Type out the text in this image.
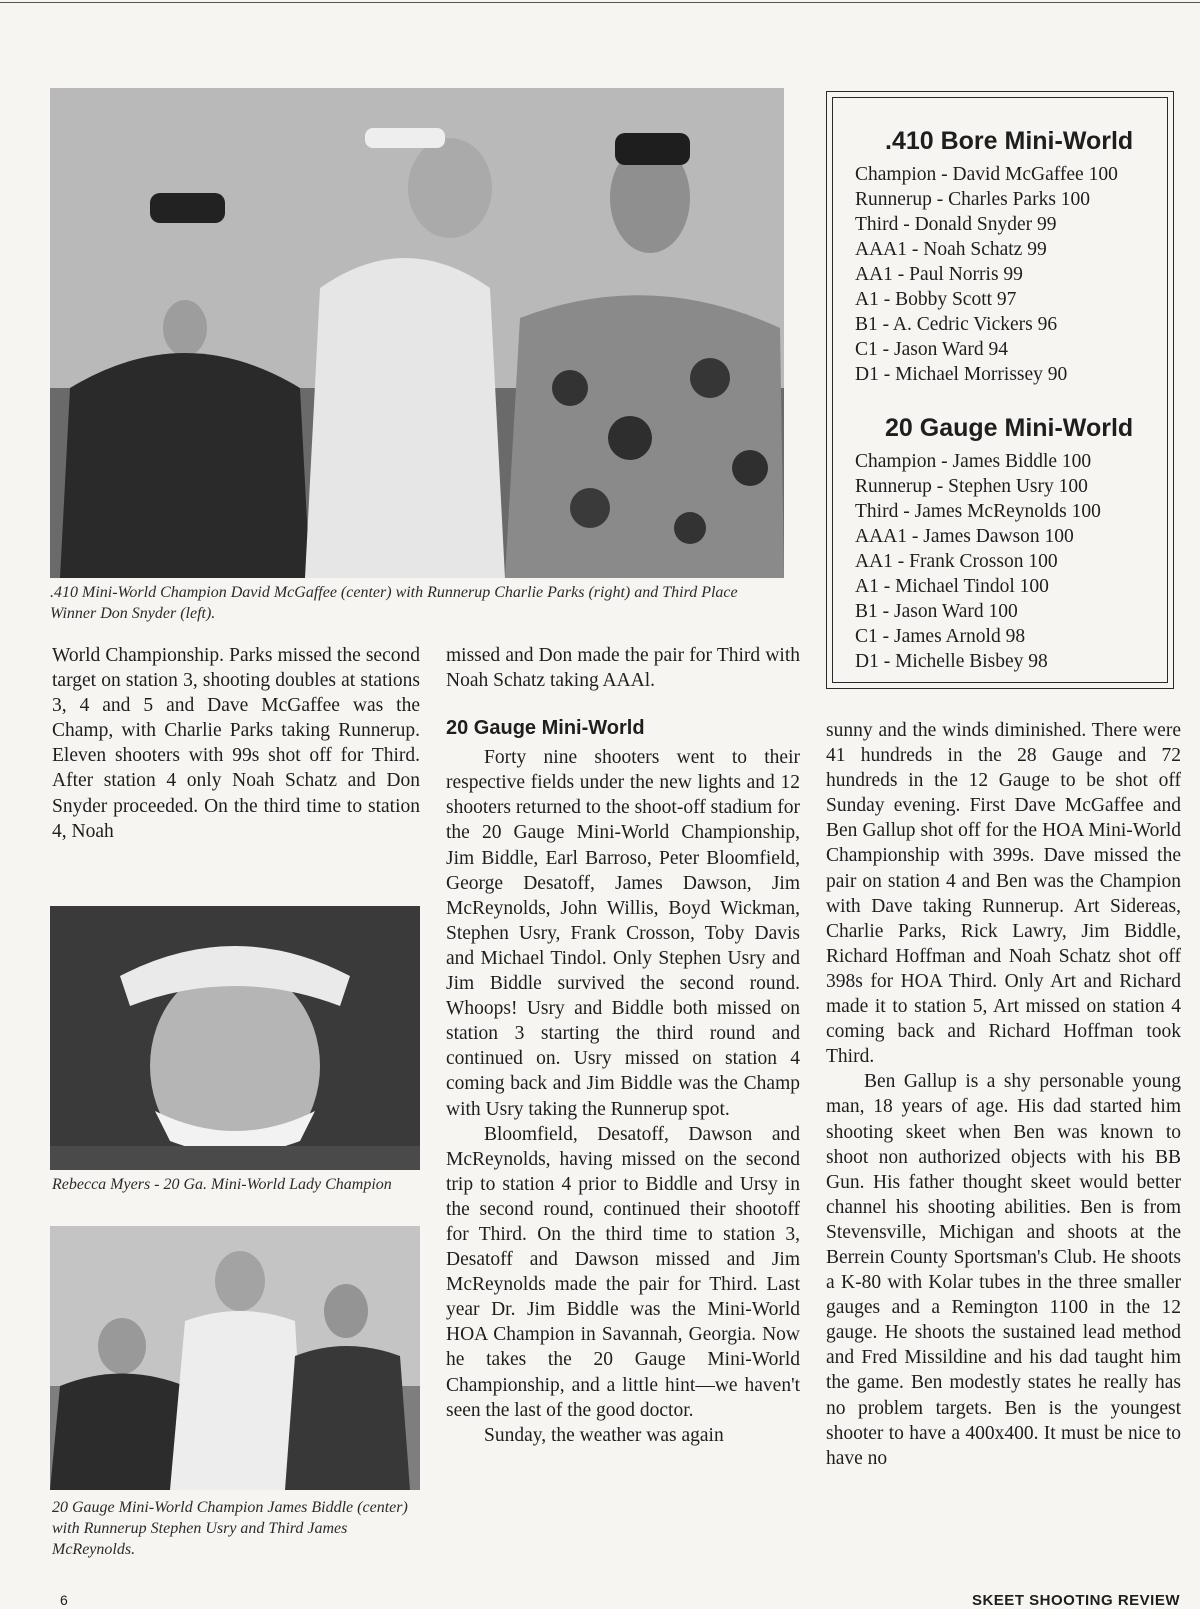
.410 Mini-World Champion David McGaffee (center) with Runnerup Charlie Parks (right) and Third Place Winner Don Snyder (left).

Rebecca Myers - 20 Ga. Mini-World Lady Champion

20 Gauge Mini-World Champion James Biddle (center) with Runnerup Stephen Usry and Third James McReynolds.

World Championship. Parks missed the second target on station 3, shooting doubles at stations 3, 4 and 5 and Dave McGaffee was the Champ, with Charlie Parks taking Runnerup. Eleven shooters with 99s shot off for Third. After station 4 only Noah Schatz and Don Snyder proceeded. On the third time to station 4, Noah

missed and Don made the pair for Third with Noah Schatz taking AAAl.

20 Gauge Mini-World

Forty nine shooters went to their respective fields under the new lights and 12 shooters returned to the shoot-off stadium for the 20 Gauge Mini-World Championship, Jim Biddle, Earl Barroso, Peter Bloomfield, George Desatoff, James Dawson, Jim McReynolds, John Willis, Boyd Wickman, Stephen Usry, Frank Crosson, Toby Davis and Michael Tindol. Only Stephen Usry and Jim Biddle survived the second round. Whoops! Usry and Biddle both missed on station 3 starting the third round and continued on. Usry missed on station 4 coming back and Jim Biddle was the Champ with Usry taking the Runnerup spot.

Bloomfield, Desatoff, Dawson and McReynolds, having missed on the second trip to station 4 prior to Biddle and Ursy in the second round, continued their shootoff for Third. On the third time to station 3, Desatoff and Dawson missed and Jim McReynolds made the pair for Third. Last year Dr. Jim Biddle was the Mini-World HOA Champion in Savannah, Georgia. Now he takes the 20 Gauge Mini-World Championship, and a little hint—we haven't seen the last of the good doctor.

Sunday, the weather was again

.410 Bore Mini-World
Champion - David McGaffee 100
Runnerup - Charles Parks 100
Third - Donald Snyder 99
AAA1 - Noah Schatz 99
AA1 - Paul Norris 99
A1 - Bobby Scott 97
B1 - A. Cedric Vickers 96
C1 - Jason Ward 94
D1 - Michael Morrissey 90
20 Gauge Mini-World
Champion - James Biddle 100
Runnerup - Stephen Usry 100
Third - James McReynolds 100
AAA1 - James Dawson 100
AA1 - Frank Crosson 100
A1 - Michael Tindol 100
B1 - Jason Ward 100
C1 - James Arnold 98
D1 - Michelle Bisbey 98

sunny and the winds diminished. There were 41 hundreds in the 28 Gauge and 72 hundreds in the 12 Gauge to be shot off Sunday evening. First Dave McGaffee and Ben Gallup shot off for the HOA Mini-World Championship with 399s. Dave missed the pair on station 4 and Ben was the Champion with Dave taking Runnerup. Art Sidereas, Charlie Parks, Rick Lawry, Jim Biddle, Richard Hoffman and Noah Schatz shot off 398s for HOA Third. Only Art and Richard made it to station 5, Art missed on station 4 coming back and Richard Hoffman took Third.

Ben Gallup is a shy personable young man, 18 years of age. His dad started him shooting skeet when Ben was known to shoot non authorized objects with his BB Gun. His father thought skeet would better channel his shooting abilities. Ben is from Stevensville, Michigan and shoots at the Berrein County Sportsman's Club. He shoots a K-80 with Kolar tubes in the three smaller gauges and a Remington 1100 in the 12 gauge. He shoots the sustained lead method and Fred Missildine and his dad taught him the game. Ben modestly states he really has no problem targets. Ben is the youngest shooter to have a 400x400. It must be nice to have no

6	SKEET SHOOTING REVIEW
